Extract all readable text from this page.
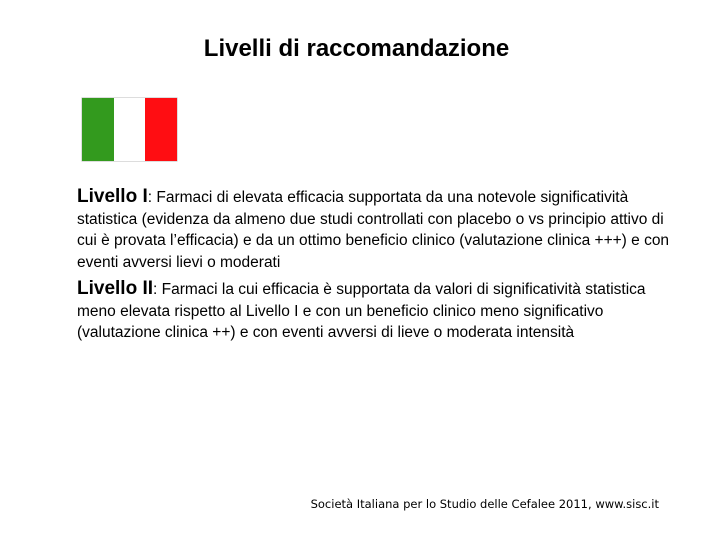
Livelli di raccomandazione

Livello I: Farmaci di elevata efficacia supportata da una notevole significatività statistica (evidenza da almeno due studi controllati con placebo o vs principio attivo di cui è provata l’efficacia) e da un ottimo beneficio clinico (valutazione clinica +++) e con eventi avversi lievi o moderati

Livello II: Farmaci la cui efficacia è supportata da valori di significatività statistica meno elevata rispetto al Livello I e con un beneficio clinico meno significativo (valutazione clinica ++) e con eventi avversi di lieve o moderata intensità

Società Italiana per lo Studio delle Cefalee 2011, www.sisc.it
